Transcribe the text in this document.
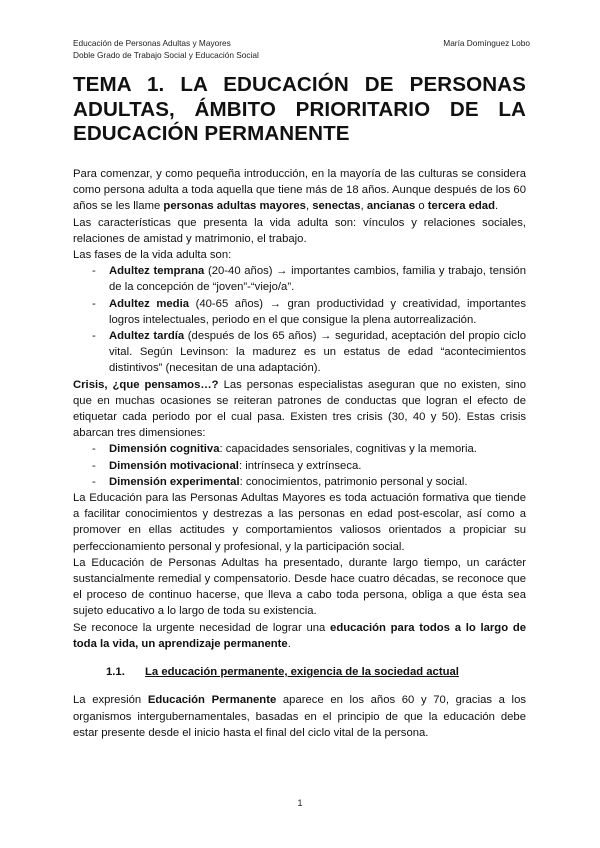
Educación de Personas Adultas y Mayores
Doble Grado de Trabajo Social y Educación Social
María Domínguez Lobo
TEMA 1. LA EDUCACIÓN DE PERSONAS ADULTAS, ÁMBITO PRIORITARIO DE LA EDUCACIÓN PERMANENTE

Para comenzar, y como pequeña introducción, en la mayoría de las culturas se considera como persona adulta a toda aquella que tiene más de 18 años. Aunque después de los 60 años se les llame personas adultas mayores, senectas, ancianas o tercera edad.

Las características que presenta la vida adulta son: vínculos y relaciones sociales, relaciones de amistad y matrimonio, el trabajo.

Las fases de la vida adulta son:

- Adultez temprana (20-40 años) → importantes cambios, familia y trabajo, tensión de la concepción de “joven”-“viejo/a”.
- Adultez media (40-65 años) → gran productividad y creatividad, importantes logros intelectuales, periodo en el que consigue la plena autorrealización.
- Adultez tardía (después de los 65 años) → seguridad, aceptación del propio ciclo vital. Según Levinson: la madurez es un estatus de edad “acontecimientos distintivos” (necesitan de una adaptación).

Crisis, ¿que pensamos…? Las personas especialistas aseguran que no existen, sino que en muchas ocasiones se reiteran patrones de conductas que logran el efecto de etiquetar cada periodo por el cual pasa. Existen tres crisis (30, 40 y 50). Estas crisis abarcan tres dimensiones:

- Dimensión cognitiva: capacidades sensoriales, cognitivas y la memoria.
- Dimensión motivacional: intrínseca y extrínseca.
- Dimensión experimental: conocimientos, patrimonio personal y social.

La Educación para las Personas Adultas Mayores es toda actuación formativa que tiende a facilitar conocimientos y destrezas a las personas en edad post-escolar, así como a promover en ellas actitudes y comportamientos valiosos orientados a propiciar su perfeccionamiento personal y profesional, y la participación social.

La Educación de Personas Adultas ha presentado, durante largo tiempo, un carácter sustancialmente remedial y compensatorio. Desde hace cuatro décadas, se reconoce que el proceso de continuo hacerse, que lleva a cabo toda persona, obliga a que ésta sea sujeto educativo a lo largo de toda su existencia.

Se reconoce la urgente necesidad de lograr una educación para todos a lo largo de toda la vida, un aprendizaje permanente.

1.1. La educación permanente, exigencia de la sociedad actual

La expresión Educación Permanente aparece en los años 60 y 70, gracias a los organismos intergubernamentales, basadas en el principio de que la educación debe estar presente desde el inicio hasta el final del ciclo vital de la persona.

1
